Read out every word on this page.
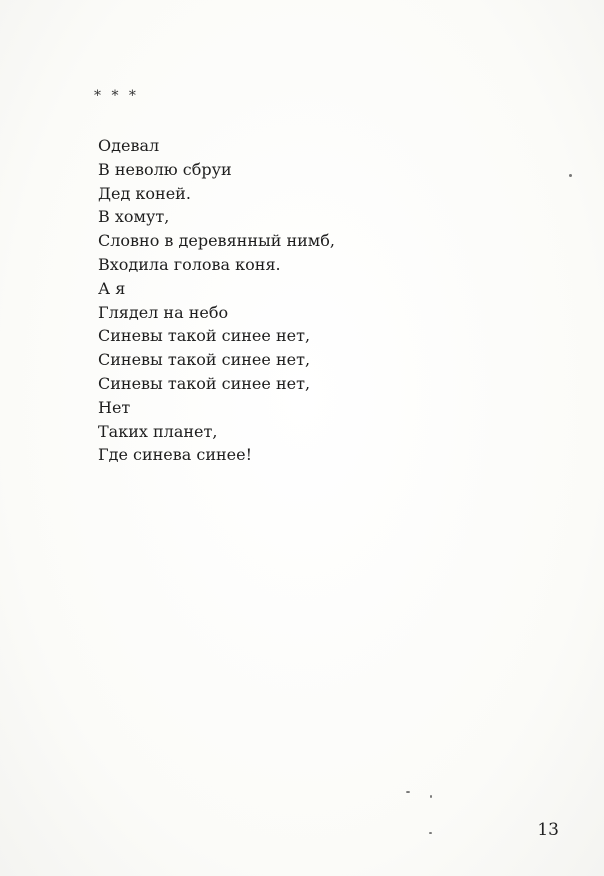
* * *
Одевал
В неволю сбруи
Дед коней.
В хомут,
Словно в деревянный нимб,
Входила голова коня.
А я
Глядел на небо
Синевы такой синее нет,
Синевы такой синее нет,
Синевы такой синее нет,
Нет
Таких планет,
Где синева синее!
13
